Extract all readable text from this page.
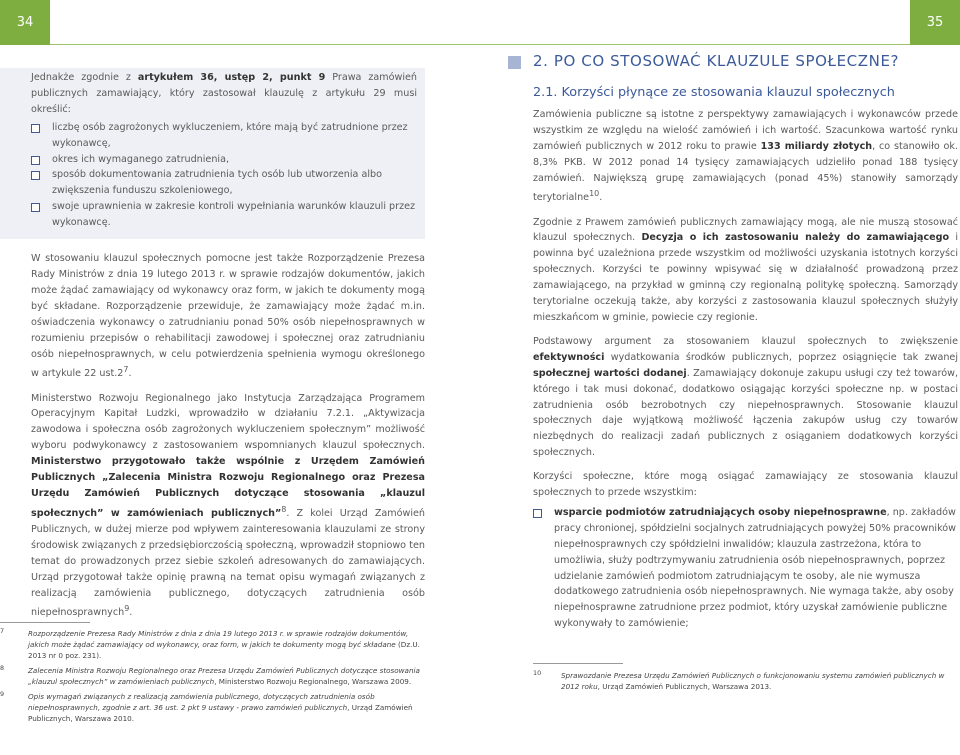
34	35

Jednakże zgodnie z artykułem 36, ustęp 2, punkt 9 Prawa zamówień publicznych zamawiający, który zastosował klauzulę z artykułu 29 musi określić:

liczbę osób zagrożonych wykluczeniem, które mają być zatrudnione przez wykonawcę,
okres ich wymaganego zatrudnienia,
sposób dokumentowania zatrudnienia tych osób lub utworzenia albo zwiększenia funduszu szkoleniowego,
swoje uprawnienia w zakresie kontroli wypełniania warunków klauzuli przez wykonawcę.

W stosowaniu klauzul społecznych pomocne jest także Rozporządzenie Prezesa Rady Ministrów z dnia 19 lutego 2013 r. w sprawie rodzajów dokumentów, jakich może żądać zamawiający od wykonawcy oraz form, w jakich te dokumenty mogą być składane. Rozporządzenie przewiduje, że zamawiający może żądać m.in. oświadczenia wykonawcy o zatrudnianiu ponad 50% osób niepełnosprawnych w rozumieniu przepisów o rehabilitacji zawodowej i społecznej oraz zatrudnianiu osób niepełnosprawnych, w celu potwierdzenia spełnienia wymogu określonego w artykule 22 $ust.2^7$.

Ministerstwo Rozwoju Regionalnego jako Instytucja Zarządzająca Programem Operacyjnym Kapitał Ludzki, wprowadziło w działaniu 7.2.1. „Aktywizacja zawodowa i społeczna osób zagrożonych wykluczeniem społecznym” możliwość wyboru podwykonawcy z zastosowaniem wspomnianych klauzul społecznych. Ministerstwo przygotowało także wspólnie z Urzędem Zamówień Publicznych „Zalecenia Ministra Rozwoju Regionalnego oraz Prezesa Urzędu Zamówień Publicznych dotyczące stosowania „klauzul społecznych” w zamówieniach publicznych”$^8$. Z kolei Urząd Zamówień Publicznych, w dużej mierze pod wpływem zainteresowania klauzulami ze strony środowisk związanych z przedsiębiorczością społeczną, wprowadził stopniowo ten temat do prowadzonych przez siebie szkoleń adresowanych do zamawiających. Urząd przygotował także opinię prawną na temat opisu wymagań związanych z realizacją zamówienia publicznego, dotyczących zatrudnienia osób niepełnosprawnych$^9$.

7	Rozporządzenie Prezesa Rady Ministrów z dnia z dnia 19 lutego 2013 r. w sprawie rodzajów dokumentów, jakich może żądać zamawiający od wykonawcy, oraz form, w jakich te dokumenty mogą być składane (Dz.U. 2013 nr 0 poz. 231).
8	Zalecenia Ministra Rozwoju Regionalnego oraz Prezesa Urzędu Zamówień Publicznych dotyczące stosowania „klauzul społecznych” w zamówieniach publicznych, Ministerstwo Rozwoju Regionalnego, Warszawa 2009.
9	Opis wymagań związanych z realizacją zamówienia publicznego, dotyczących zatrudnienia osób niepełnosprawnych, zgodnie z art. 36 ust. 2 pkt 9 ustawy - prawo zamówień publicznych, Urząd Zamówień Publicznych, Warszawa 2010.
2. PO CO STOSOWAĆ KLAUZULE SPOŁECZNE?
2.1. Korzyści płynące ze stosowania klauzul społecznych

Zamówienia publiczne są istotne z perspektywy zamawiających i wykonawców przede wszystkim ze względu na wielość zamówień i ich wartość. Szacunkowa wartość rynku zamówień publicznych w 2012 roku to prawie 133 miliardy złotych, co stanowiło ok. 8,3% PKB. W 2012 ponad 14 tysięcy zamawiających udzieliło ponad 188 tysięcy zamówień. Największą grupę zamawiających (ponad 45%) stanowiły samorządy terytorialne$^{10}$.

Zgodnie z Prawem zamówień publicznych zamawiający mogą, ale nie muszą stosować klauzul społecznych. Decyzja o ich zastosowaniu należy do zamawiającego i powinna być uzależniona przede wszystkim od możliwości uzyskania istotnych korzyści społecznych. Korzyści te powinny wpisywać się w działalność prowadzoną przez zamawiającego, na przykład w gminną czy regionalną politykę społeczną. Samorządy terytorialne oczekują także, aby korzyści z zastosowania klauzul społecznych służyły mieszkańcom w gminie, powiecie czy regionie.

Podstawowy argument za stosowaniem klauzul społecznych to zwiększenie efektywności wydatkowania środków publicznych, poprzez osiągnięcie tak zwanej społecznej wartości dodanej. Zamawiający dokonuje zakupu usługi czy też towarów, którego i tak musi dokonać, dodatkowo osiągając korzyści społeczne np. w postaci zatrudnienia osób bezrobotnych czy niepełnosprawnych. Stosowanie klauzul społecznych daje wyjątkową możliwość łączenia zakupów usług czy towarów niezbędnych do realizacji zadań publicznych z osiąganiem dodatkowych korzyści społecznych.

Korzyści społeczne, które mogą osiągać zamawiający ze stosowania klauzul społecznych to przede wszystkim:

wsparcie podmiotów zatrudniających osoby niepełnosprawne, np. zakładów pracy chronionej, spółdzielni socjalnych zatrudniających powyżej 50% pracowników niepełnosprawnych czy spółdzielni inwalidów; klauzula zastrzeżona, która to umożliwia, służy podtrzymywaniu zatrudnienia osób niepełnosprawnych, poprzez udzielanie zamówień podmiotom zatrudniającym te osoby, ale nie wymusza dodatkowego zatrudnienia osób niepełnosprawnych. Nie wymaga także, aby osoby niepełnosprawne zatrudnione przez podmiot, który uzyskał zamówienie publiczne wykonywały to zamówienie;
10	Sprawozdanie Prezesa Urzędu Zamówień Publicznych o funkcjonowaniu systemu zamówień publicznych w 2012 roku, Urząd Zamówień Publicznych, Warszawa 2013.
